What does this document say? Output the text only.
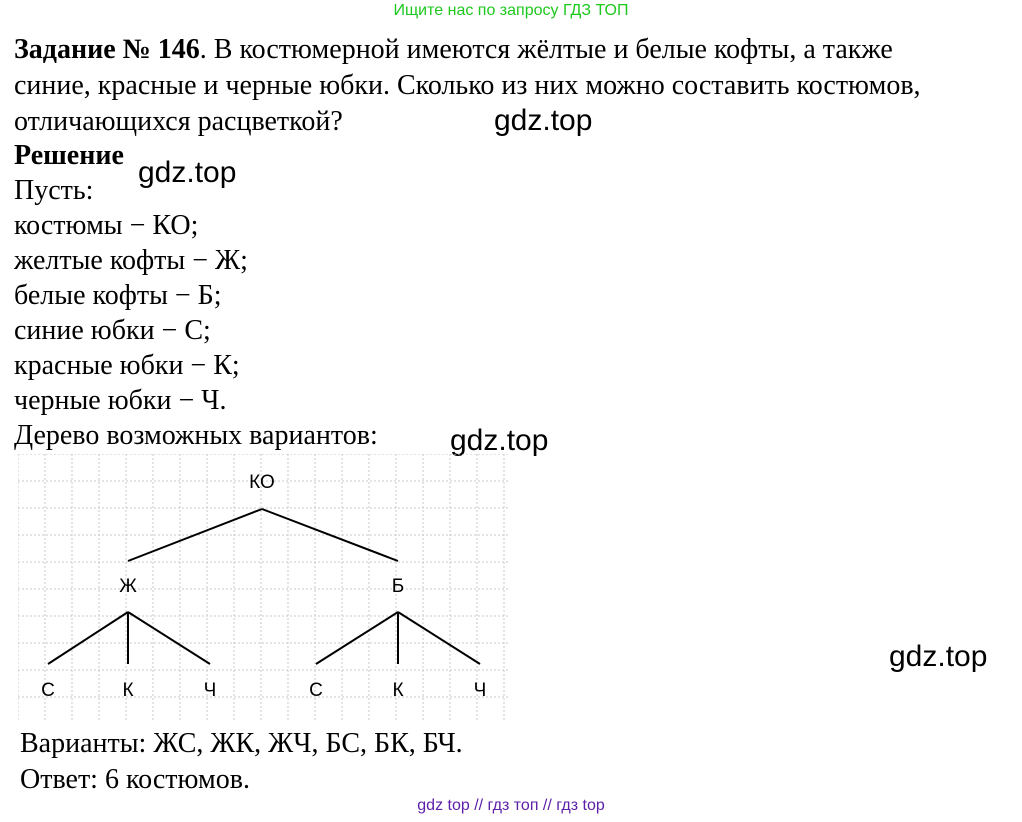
Ищите нас по запросу ГДЗ ТОП
Задание № 146. В костюмерной имеются жёлтые и белые кофты, а также
синие, красные и черные юбки. Сколько из них можно составить костюмов,
отличающихся расцветкой?
Решение
Пусть:
костюмы − КО;
желтые кофты − Ж;
белые кофты − Б;
синие юбки − С;
красные юбки − К;
черные юбки − Ч.
Дерево возможных вариантов:
gdz.top
gdz.top
gdz.top
gdz.top
КО
Ж	Б
С	К	Ч	С	К	Ч
Варианты: ЖС, ЖК, ЖЧ, БС, БК, БЧ.
Ответ: 6 костюмов.
gdz top // гдз топ // гдз top
